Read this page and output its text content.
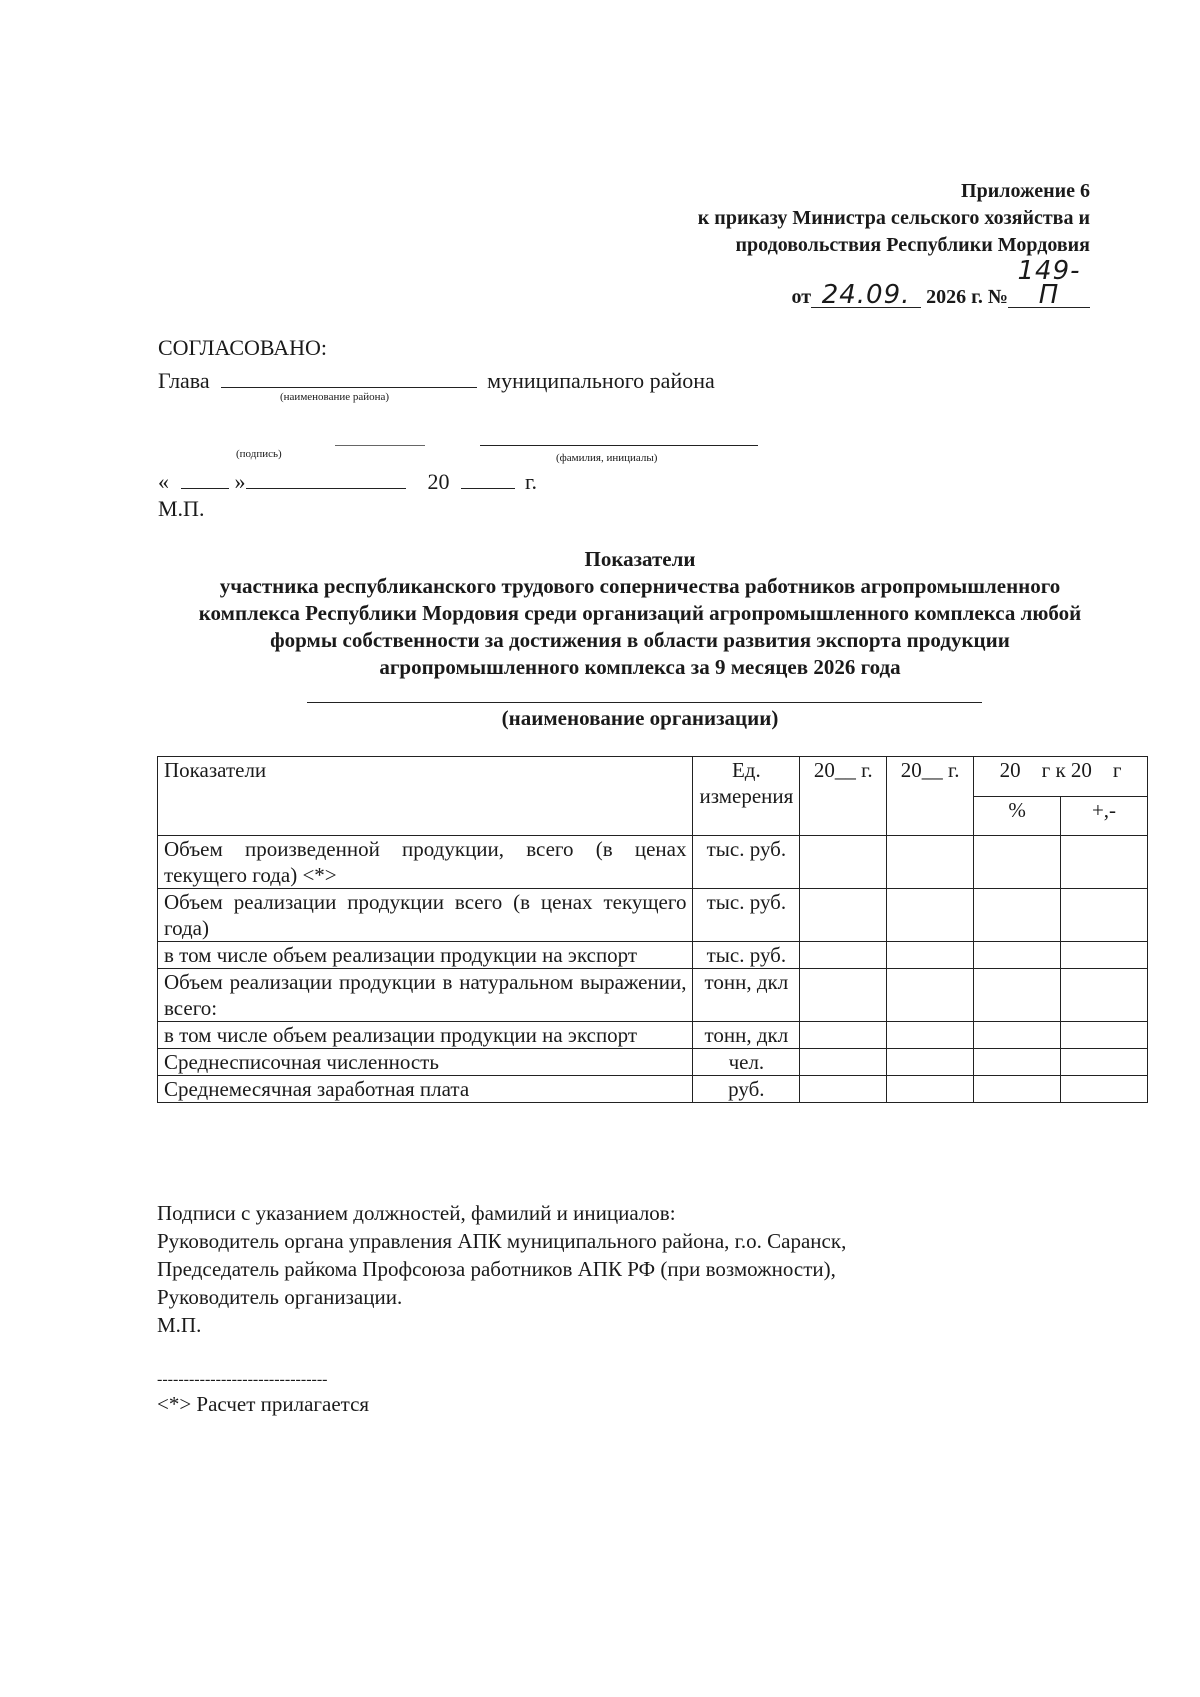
Приложение 6
к приказу Министра сельского хозяйства и
продовольствия Республики Мордовия
от 24.09. 2026 г. №149-П
СОГЛАСОВАНО:
Глава	муниципального района
(наименование района)
(подпись)	(фамилия, инициалы)
«	»	20	г.
М.П.
Показатели
участника республиканского трудового соперничества работников агропромышленного комплекса Республики Мордовия среди организаций агропромышленного комплекса любой формы собственности за достижения в области развития экспорта продукции агропромышленного комплекса за 9 месяцев 2026 года
(наименование организации)
Показатели	Ед. измерения	20__ г.	20__ г.	20    г к 20    г	
				%	+,-
Объем произведенной продукции, всего (в ценах текущего года) <*>	тыс. руб.				
Объем реализации продукции всего (в ценах текущего года)	тыс. руб.				
в том числе объем реализации продукции на экспорт	тыс. руб.				
Объем реализации продукции в натуральном выражении, всего:	тонн, дкл				
в том числе объем реализации продукции на экспорт	тонн, дкл				
Среднесписочная численность	чел.				
Среднемесячная заработная плата	руб.				
Подписи с указанием должностей, фамилий и инициалов:
Руководитель органа управления АПК муниципального района, г.о. Саранск,
Председатель райкома Профсоюза работников АПК РФ (при возможности),
Руководитель организации.
М.П.
--------------------------------
<*> Расчет прилагается
